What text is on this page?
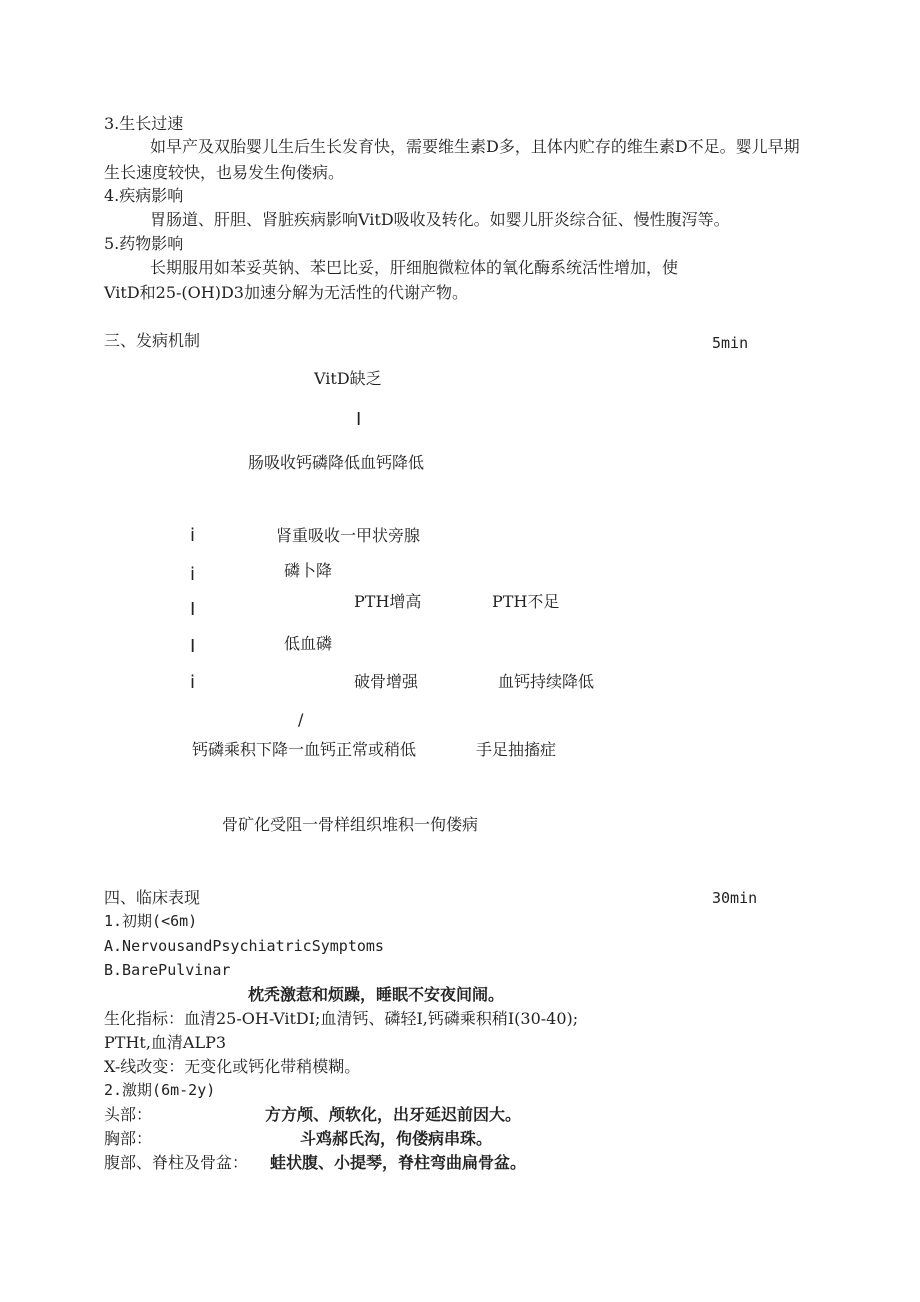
3.生长过速
如早产及双胎婴儿生后生长发育快，需要维生素D多，且体内贮存的维生素D不足。婴儿早期生长速度较快，也易发生佝偻病。
4.疾病影响
胃肠道、肝胆、肾脏疾病影响VitD吸收及转化。如婴儿肝炎综合征、慢性腹泻等。
5.药物影响
长期服用如苯妥英钠、苯巴比妥，肝细胞微粒体的氧化酶系统活性增加，使
VitD和25-(OH)D3加速分解为无活性的代谢产物。
三、发病机制	5min
VitD缺乏
I
肠吸收钙磷降低血钙降低
i
i
I
I
i
肾重吸收一甲状旁腺
磷卜降
PTH增高	PTH不足
低血磷
破骨增强	血钙持续降低
/
钙磷乘积下降一血钙正常或稍低	手足抽搐症
骨矿化受阻一骨样组织堆积一佝偻病
四、临床表现	30min
1.初期(<6m)
A.NervousandPsychiatricSymptoms
B.BarePulvinar
枕秃激惹和烦躁，睡眠不安夜间闹。
生化指标：血清25-OH-VitDI;血清钙、磷轻I,钙磷乘积稍I(30-40);
PTHt,血清ALP3
X-线改变：无变化或钙化带稍模糊。
2.激期(6m-2y)
头部：	方方颅、颅软化，出牙延迟前因大。
胸部：	斗鸡郝氏沟，佝偻病串珠。
腹部、脊柱及骨盆： 蛙状腹、小提琴，脊柱弯曲扁骨盆。
